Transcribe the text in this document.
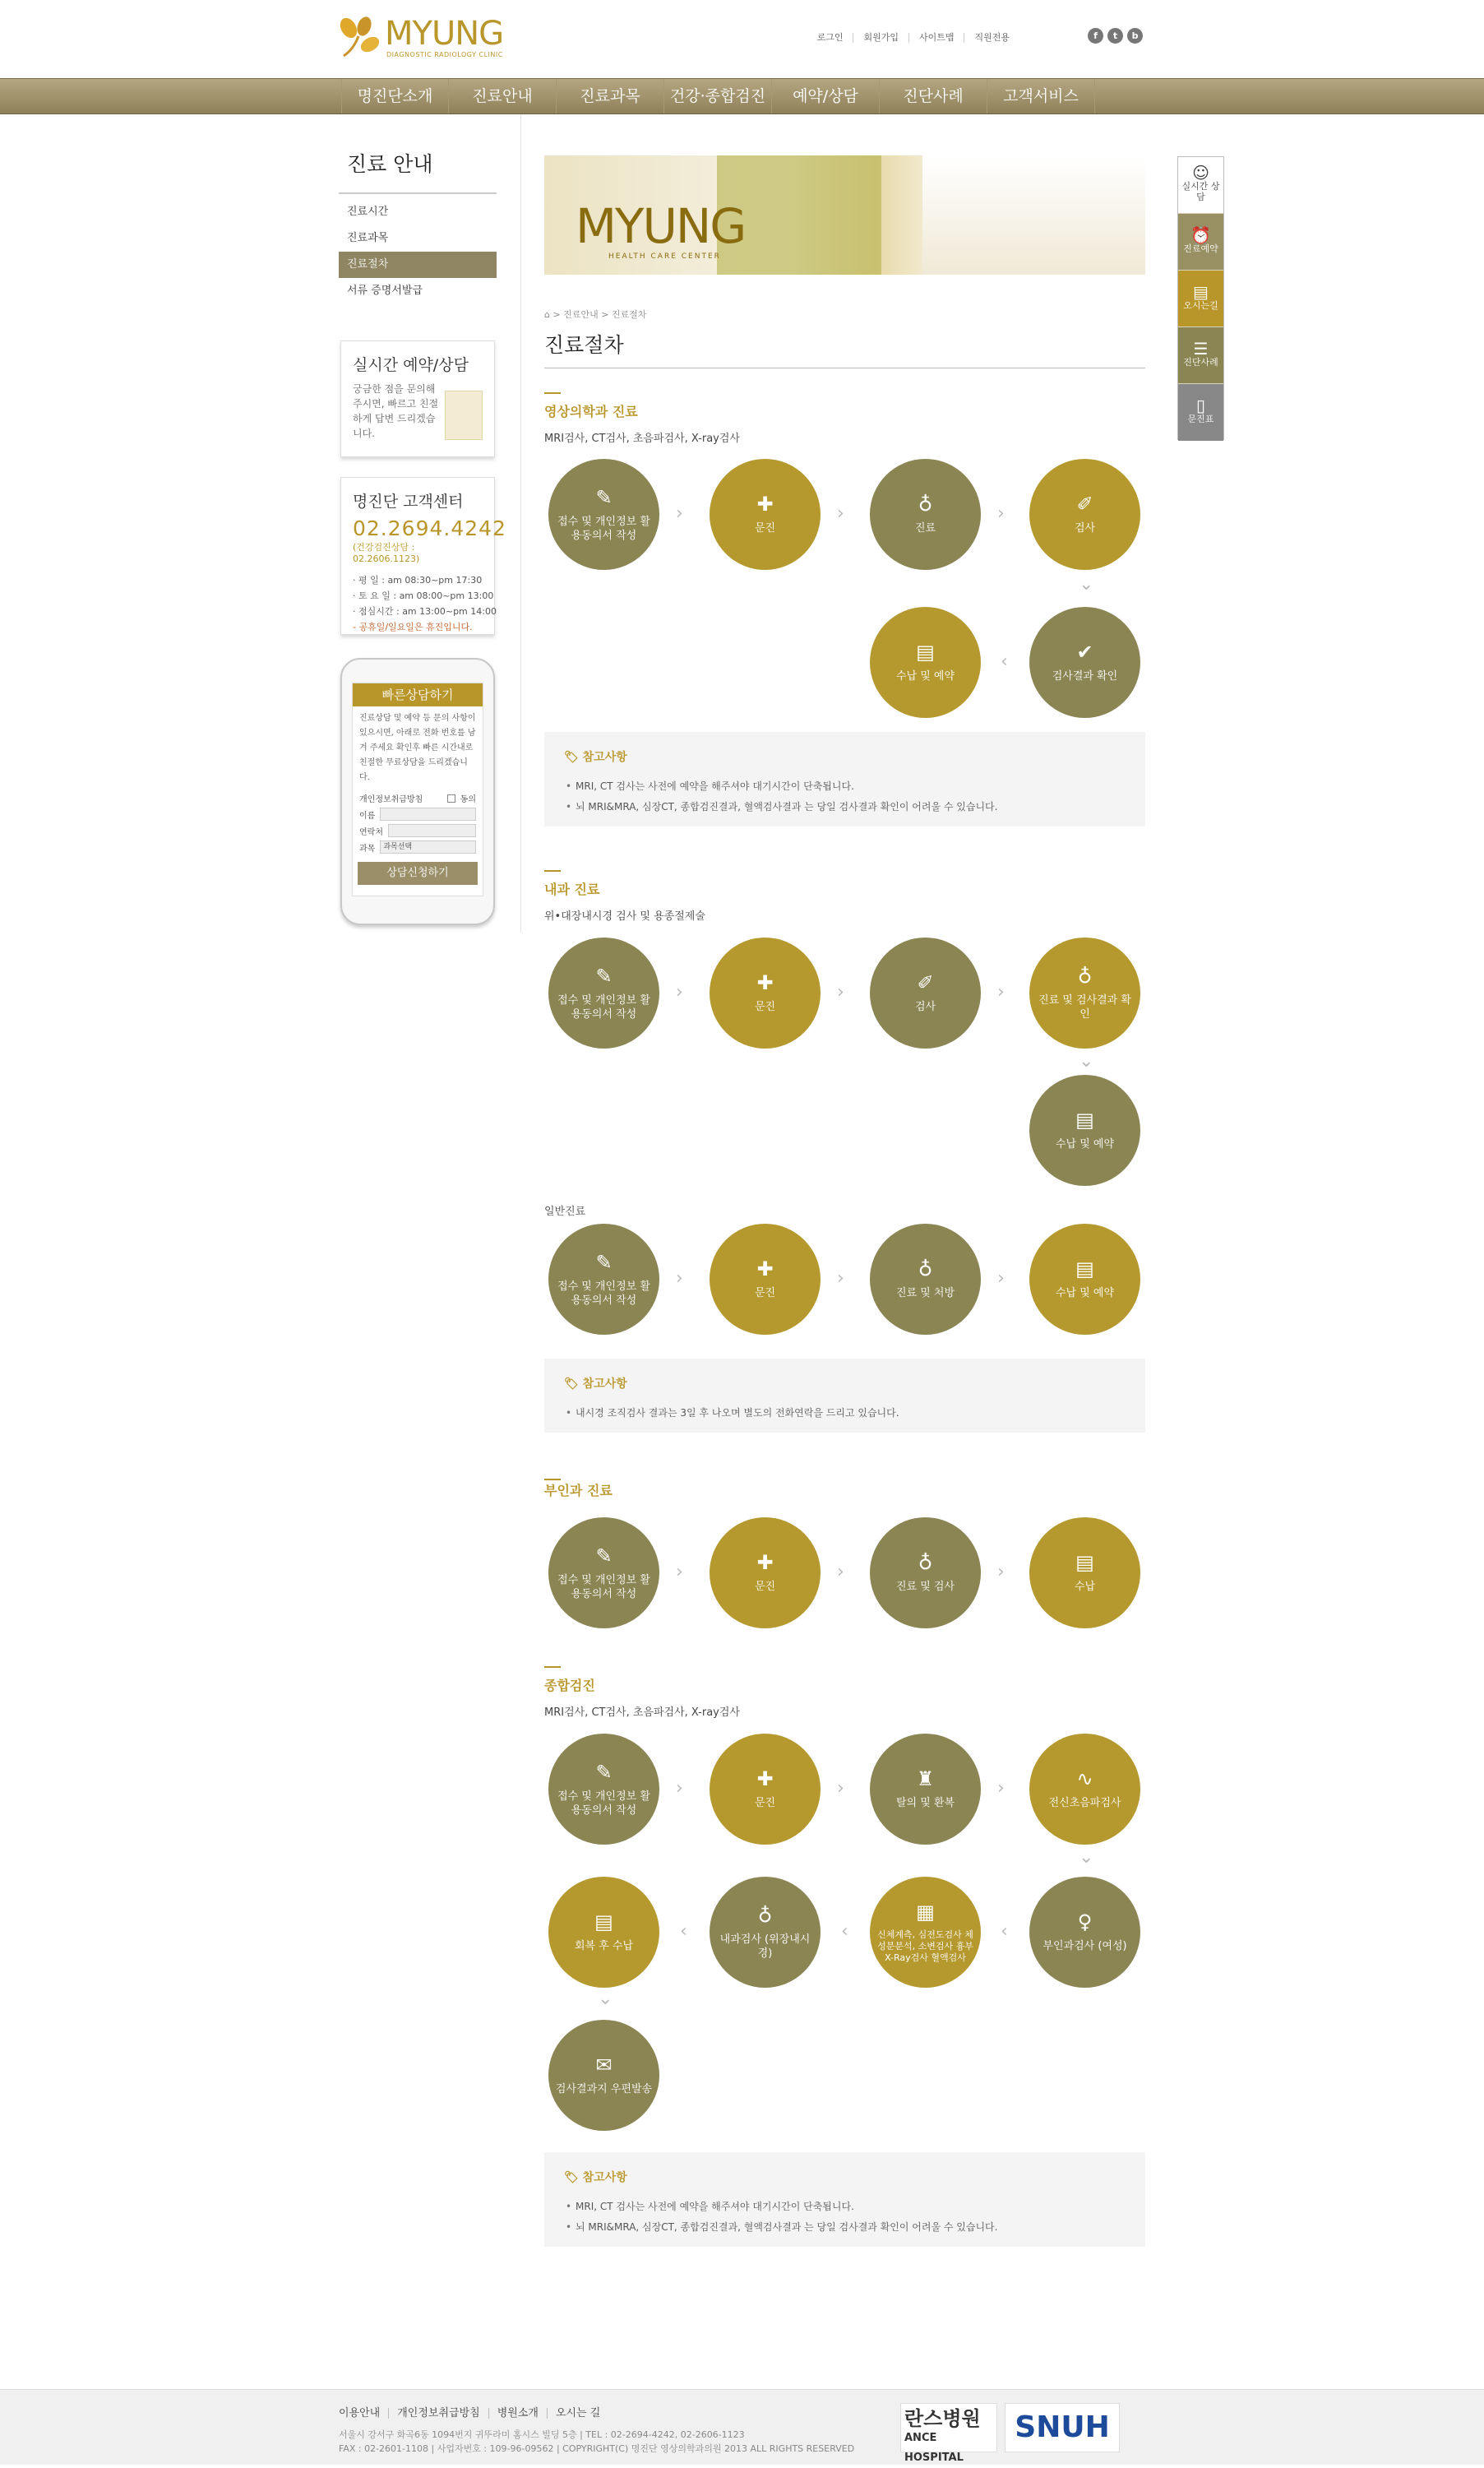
MYUNG
DIAGNOSTIC RADIOLOGY CLINIC
로그인	회원가입	사이트맵	직원전용	f	t	b
명진단소개	진료안내	진료과목	건강·종합검진	예약/상담	진단사례	고객서비스
진료 안내
진료시간
진료과목
진료절차
서류 증명서발급
실시간 예약/상담

궁금한 점을 문의해 주시면, 빠르고 친절하게 답변 드리겠습니다.

명진단 고객센터
02.2694.4242
(건강검진상담 : 02.2606.1123)
· 평 일 : am 08:30~pm 17:30
· 토 요 일 : am 08:00~pm 13:00
· 점심시간 : am 13:00~pm 14:00
- 공휴일/일요일은 휴진입니다.
빠른상담하기

진료상담 및 예약 등 문의 사항이 있으시면, 아래로 전화 번호를 남겨 주세요 확인후 빠른 시간내로 친절한 무료상담을 드리겠습니다.

개인정보취급방침	동의
이름
연락처
과목	과목선택
상담신청하기
☺
실시간 상담
⏰
진료예약
▤
오시는길
☰
진단사례
▯
문진표
MYUNG
HEALTH CARE CENTER
⌂ > 진료안내 > 진료절차
진료절차
영상의학과 진료
MRI검사, CT검사, 초음파검사, X-ray검사
✎
접수 및 개인정보 활용동의서 작성
›	✚
문진
›	♁
진료
›	✐
검사
⌄
✔
검사결과 확인
‹
▤
수납 및 예약
🏷 참고사항
• MRI, CT 검사는 사전에 예약을 해주셔야 대기시간이 단축됩니다.
• 뇌 MRI&MRA, 심장CT, 종합검진결과, 혈액검사결과 는 당일 검사결과 확인이 어려울 수 있습니다.
내과 진료
위•대장내시경 검사 및 용종절제술
✎
접수 및 개인정보 활용동의서 작성
›	✚
문진
›	✐
검사
›
♁
진료 및 검사결과 확인
⌄
▤
수납 및 예약
일반진료
✎
접수 및 개인정보 활용동의서 작성
›	✚
문진
›	♁
진료 및 처방
›	▤
수납 및 예약
🏷 참고사항
• 내시경 조직검사 결과는 3일 후 나오며 별도의 전화연락을 드리고 있습니다.
부인과 진료
✎
접수 및 개인정보 활용동의서 작성
›	✚
문진
›	♁
진료 및 검사
›	▤
수납
종합검진
MRI검사, CT검사, 초음파검사, X-ray검사
✎
접수 및 개인정보 활용동의서 작성
›	✚
문진
›	♜
탈의 및 환복
›	∿
전신초음파검사
⌄
♀
부인과검사 (여성)
‹
▦
신체계측, 심전도검사 체성분분석, 소변검사 흉부X-Ray검사 혈액검사
‹
♁
내과검사 (위장내시경)
‹
▤
회복 후 수납
⌄
✉
검사결과지 우편발송
🏷 참고사항
• MRI, CT 검사는 사전에 예약을 해주셔야 대기시간이 단축됩니다.
• 뇌 MRI&MRA, 심장CT, 종합검진결과, 혈액검사결과 는 당일 검사결과 확인이 어려울 수 있습니다.
이용안내	개인정보취급방침	병원소개	오시는 길
서울시 강서구 화곡6동 1094번지 귀뚜라미 홈시스 빌딩 5층 | TEL : 02-2694-4242, 02-2606-1123
FAX : 02-2601-1108 | 사업자번호 : 109-96-09562 | COPYRIGHT(C) 명진단 영상의학과의원 2013 ALL RIGHTS RESERVED
란스병원
ANCE HOSPITAL
SNUH
